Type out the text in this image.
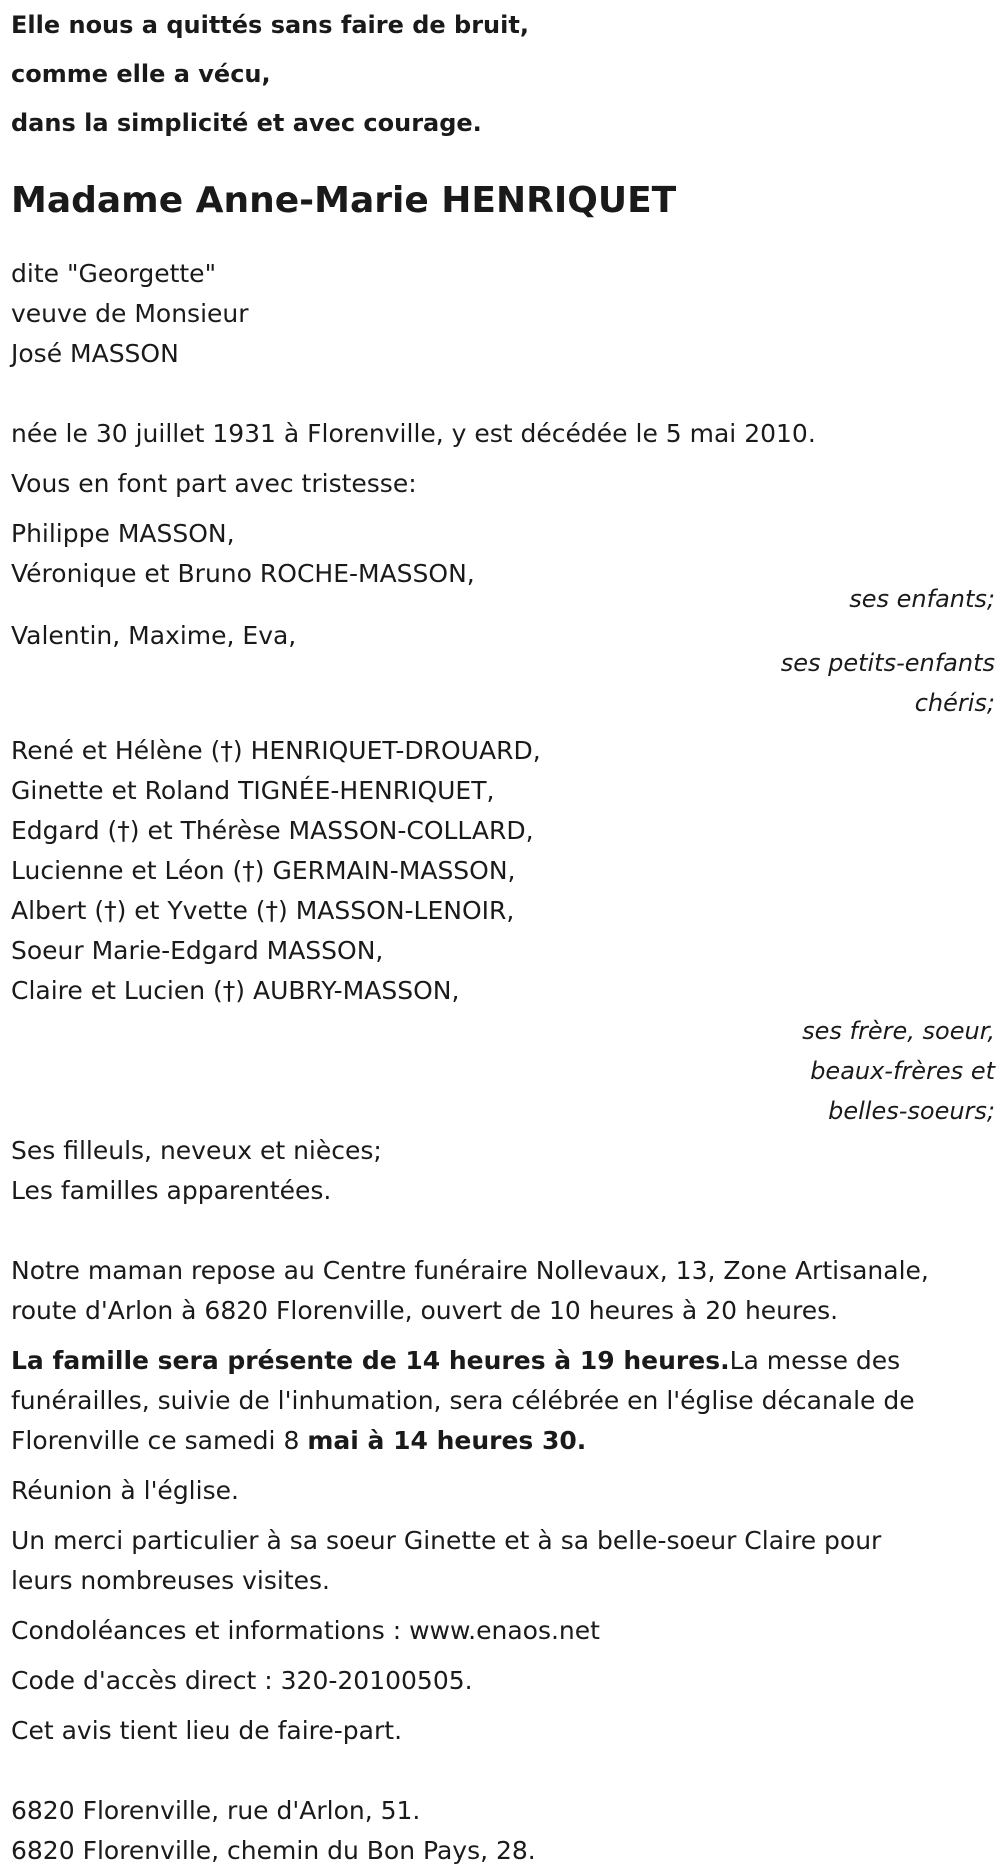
Elle nous a quittés sans faire de bruit,
comme elle a vécu,
dans la simplicité et avec courage.
Madame Anne-Marie HENRIQUET
dite "Georgette"
veuve de Monsieur
José MASSON
née le 30 juillet 1931 à Florenville, y est décédée le 5 mai 2010.
Vous en font part avec tristesse:
Philippe MASSON,
Véronique et Bruno ROCHE-MASSON,
ses enfants;
Valentin, Maxime, Eva,
ses petits-enfants
chéris;
René et Hélène (†) HENRIQUET-DROUARD,
Ginette et Roland TIGNÉE-HENRIQUET,
Edgard (†) et Thérèse MASSON-COLLARD,
Lucienne et Léon (†) GERMAIN-MASSON,
Albert (†) et Yvette (†) MASSON-LENOIR,
Soeur Marie-Edgard MASSON,
Claire et Lucien (†) AUBRY-MASSON,
ses frère, soeur,
beaux-frères et
belles-soeurs;
Ses filleuls, neveux et nièces;
Les familles apparentées.
Notre maman repose au Centre funéraire Nollevaux, 13, Zone Artisanale,
route d'Arlon à 6820 Florenville, ouvert de 10 heures à 20 heures.
La famille sera présente de 14 heures à 19 heures.La messe des
funérailles, suivie de l'inhumation, sera célébrée en l'église décanale de
Florenville ce samedi 8 mai à 14 heures 30.
Réunion à l'église.
Un merci particulier à sa soeur Ginette et à sa belle-soeur Claire pour
leurs nombreuses visites.
Condoléances et informations : www.enaos.net
Code d'accès direct : 320-20100505.
Cet avis tient lieu de faire-part.
6820 Florenville, rue d'Arlon, 51.
6820 Florenville, chemin du Bon Pays, 28.
